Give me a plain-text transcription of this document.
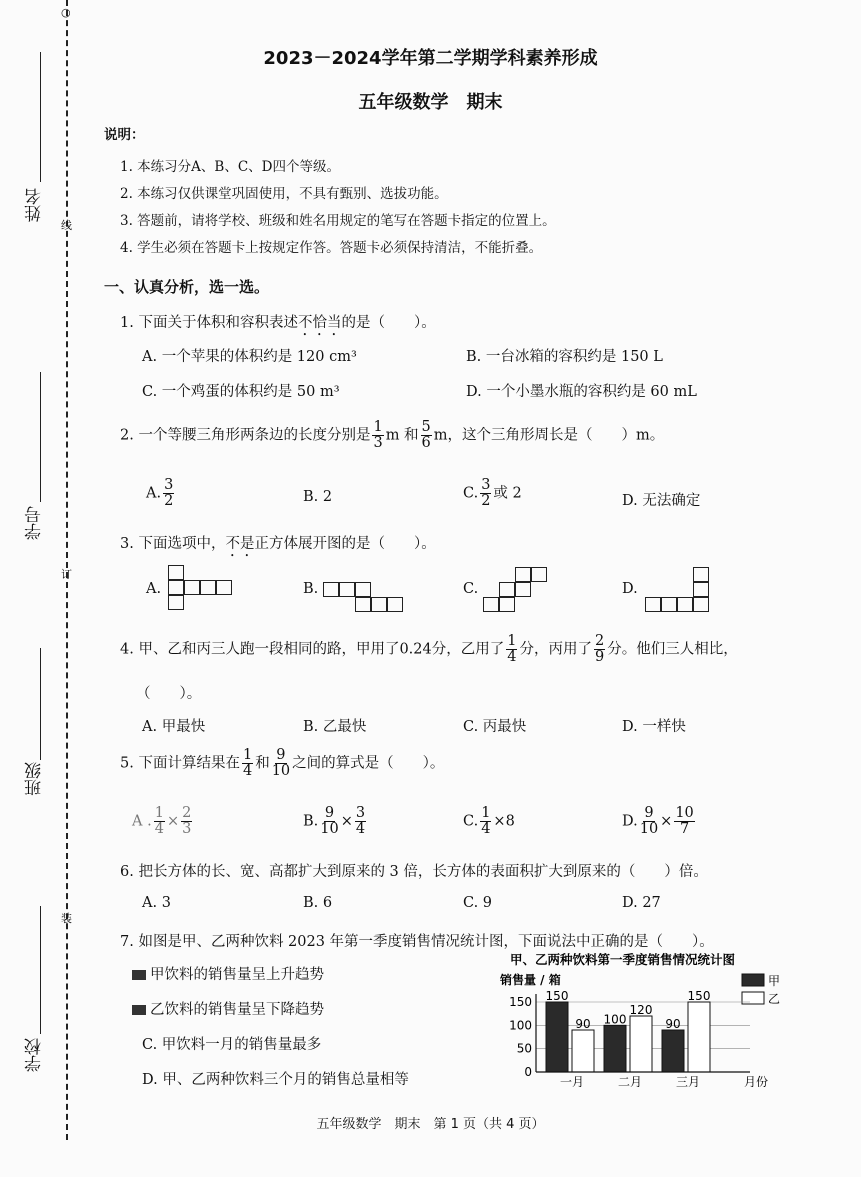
○
线
订
装
姓名
学号
班级
学校
2023－2024学年第二学期学科素养形成
五年级数学　期末
说明：
1. 本练习分A、B、C、D四个等级。
2. 本练习仅供课堂巩固使用，不具有甄别、选拔功能。
3. 答题前，请将学校、班级和姓名用规定的笔写在答题卡指定的位置上。
4. 学生必须在答题卡上按规定作答。答题卡必须保持清洁，不能折叠。
一、认真分析，选一选。
1. 下面关于体积和容积表述不恰当的是（　　）。
A. 一个苹果的体积约是 120 cm³	B. 一台冰箱的容积约是 150 L
C. 一个鸡蛋的体积约是 50 m³	D. 一个小墨水瓶的容积约是 60 mL
2. 一个等腰三角形两条边的长度分别是 $\frac{1}{3}$ m 和 $\frac{5}{6}$ m，这个三角形周长是（　　）m。
A. $\frac{3}{2}$	B. 2	C. $\frac{3}{2}$ 或 2	D. 无法确定
3. 下面选项中，不是正方体展开图的是（　　）。
A.	B.	C.	D.
4. 甲、乙和丙三人跑一段相同的路，甲用了0.24分，乙用了 $\frac{1}{4}$ 分，丙用了 $\frac{2}{9}$ 分。他们三人相比，
（　　）。
A. 甲最快	B. 乙最快	C. 丙最快	D. 一样快
5. 下面计算结果在 $\frac{1}{4}$ 和 $\frac{9}{10}$ 之间的算式是（　　）。
A . $\frac{1}{4} \times \frac{2}{3}$	B. $\frac{9}{10} \times \frac{3}{4}$	C. $\frac{1}{4} \times 8$	D. $\frac{9}{10} \times \frac{10}{7}$
6. 把长方体的长、宽、高都扩大到原来的 3 倍，长方体的表面积扩大到原来的（　　）倍。
A. 3	B. 6	C. 9	D. 27
7. 如图是甲、乙两种饮料 2023 年第一季度销售情况统计图，下面说法中正确的是（　　）。
甲饮料的销售量呈上升趋势
乙饮料的销售量呈下降趋势
C. 甲饮料一月的销售量最多
D. 甲、乙两种饮料三个月的销售总量相等
甲、乙两种饮料第一季度销售情况统计图
销售量 / 箱	甲
乙
150
90 100
120
90
150
0
50
100
150
一月	二月	三月	月份
五年级数学　期末　第 1 页（共 4 页）
